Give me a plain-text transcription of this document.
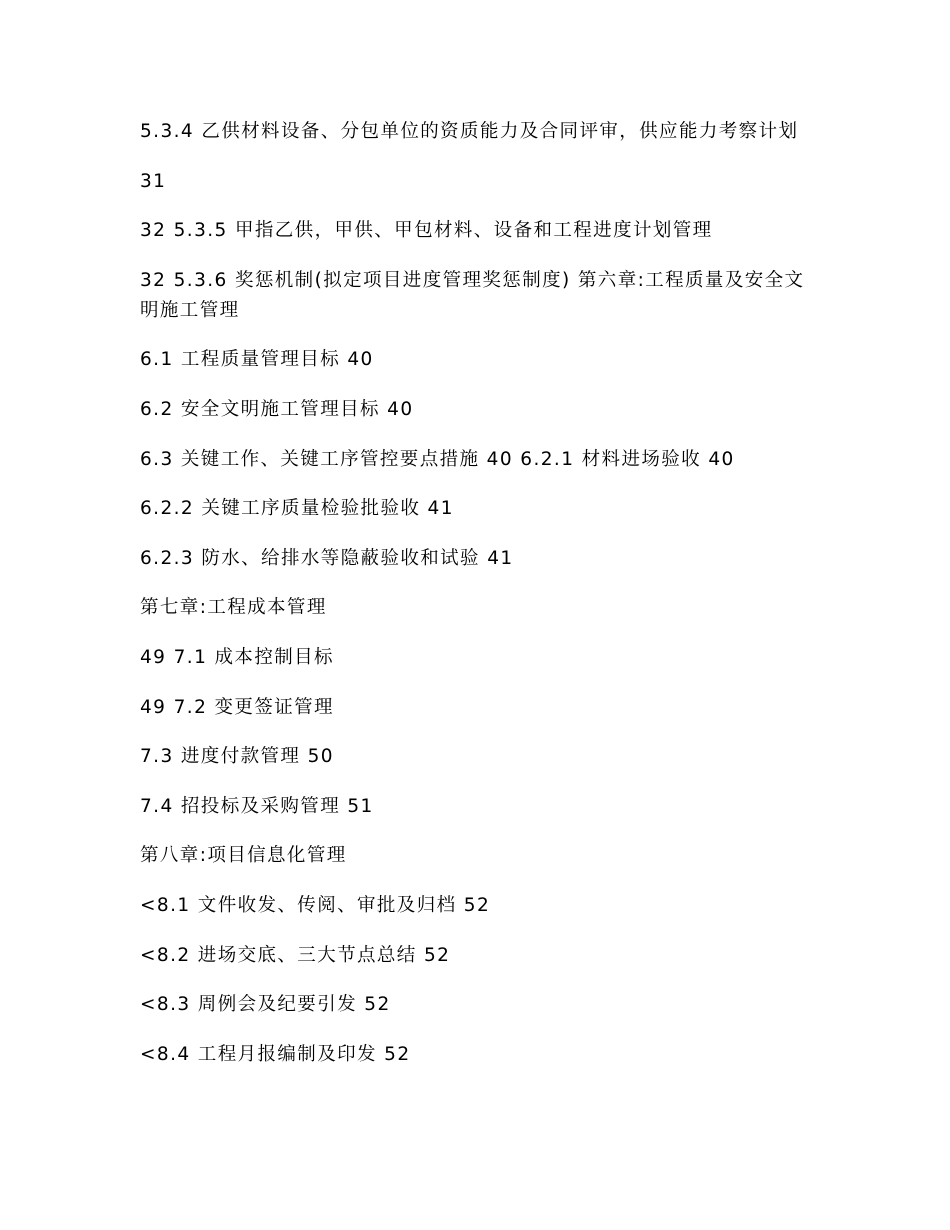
5.3.4 乙供材料设备、分包单位的资质能力及合同评审，供应能力考察计划
31
32 5.3.5 甲指乙供，甲供、甲包材料、设备和工程进度计划管理
32 5.3.6 奖惩机制(拟定项目进度管理奖惩制度) 第六章:工程质量及安全文明施工管理
6.1 工程质量管理目标 40
6.2 安全文明施工管理目标 40
6.3 关键工作、关键工序管控要点措施 40 6.2.1 材料进场验收 40
6.2.2 关键工序质量检验批验收 41
6.2.3 防水、给排水等隐蔽验收和试验 41
第七章:工程成本管理
49 7.1 成本控制目标
49 7.2 变更签证管理
7.3 进度付款管理 50
7.4 招投标及采购管理 51
第八章:项目信息化管理
<8.1 文件收发、传阅、审批及归档 52
<8.2 进场交底、三大节点总结 52
<8.3 周例会及纪要引发 52
<8.4 工程月报编制及印发 52
